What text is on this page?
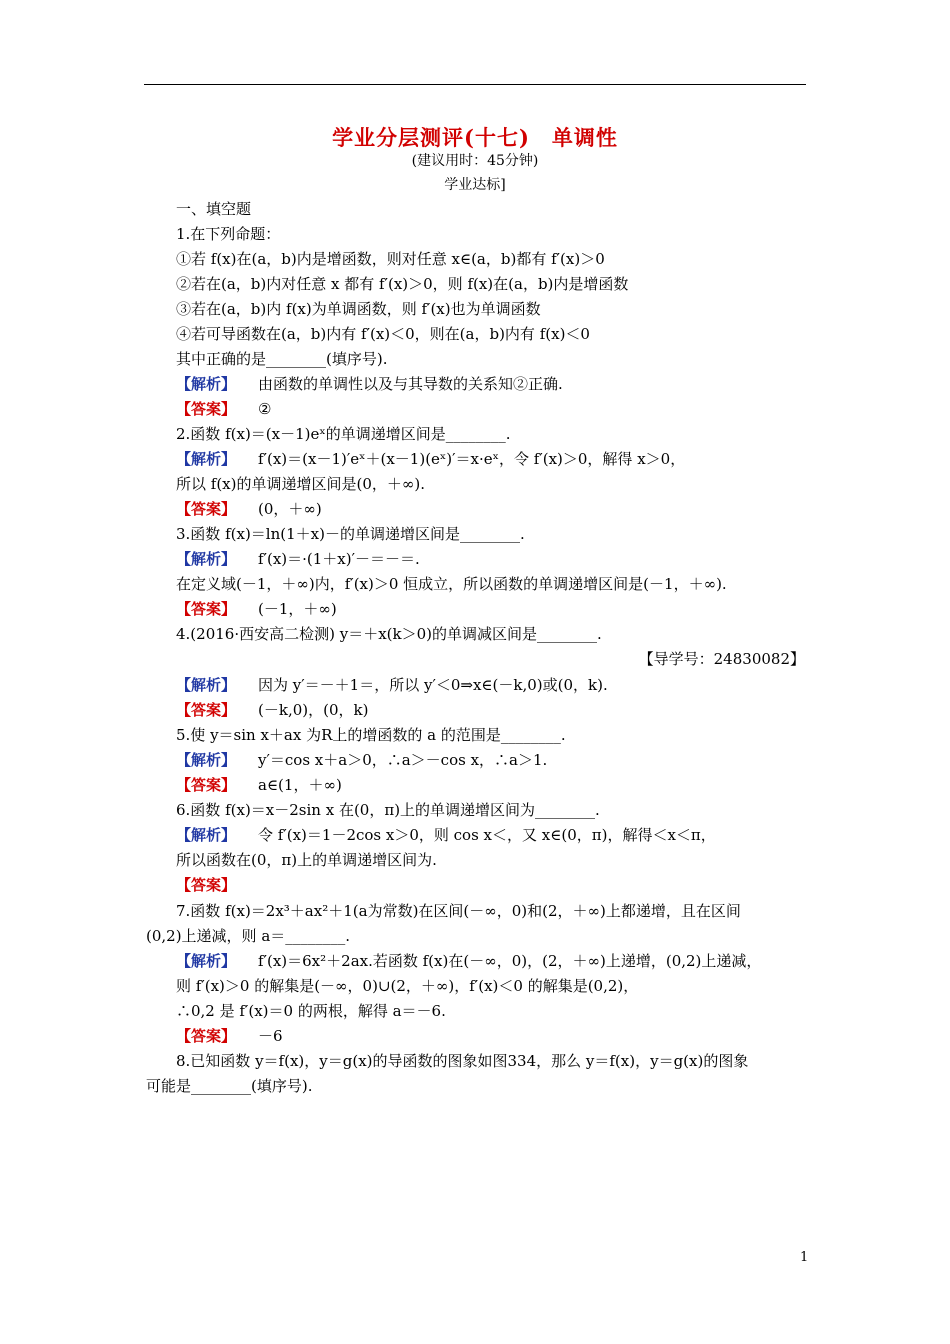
学业分层测评(十七)　单调性
(建议用时：45分钟)
学业达标]
一、填空题
1.在下列命题：
①若 f(x)在(a，b)内是增函数，则对任意 x∈(a，b)都有 f′(x)＞0
②若在(a，b)内对任意 x 都有 f′(x)＞0，则 f(x)在(a，b)内是增函数
③若在(a，b)内 f(x)为单调函数，则 f′(x)也为单调函数
④若可导函数在(a，b)内有 f′(x)＜0，则在(a，b)内有 f(x)＜0
其中正确的是________(填序号).
【解析】 由函数的单调性以及与其导数的关系知②正确.
【答案】 ②
2.函数 f(x)＝(x－1)eˣ的单调递增区间是________.
【解析】 f′(x)＝(x－1)′eˣ＋(x－1)(eˣ)′＝x·eˣ，令 f′(x)＞0，解得 x＞0，
所以 f(x)的单调递增区间是(0，＋∞).
【答案】 (0，＋∞)
3.函数 f(x)＝ln(1＋x)－的单调递增区间是________.
【解析】 f′(x)＝·(1＋x)′－＝－＝.
在定义域(－1，＋∞)内，f′(x)＞0 恒成立，所以函数的单调递增区间是(－1，＋∞).
【答案】 (－1，＋∞)
4.(2016·西安高二检测) y＝＋x(k＞0)的单调减区间是________.
【导学号：24830082】
【解析】 因为 y′＝－＋1＝，所以 y′＜0⇒x∈(－k,0)或(0，k).
【答案】 (－k,0)，(0，k)
5.使 y＝sin x＋ax 为R上的增函数的 a 的范围是________.
【解析】 y′＝cos x＋a＞0，∴a＞－cos x，∴a＞1.
【答案】 a∈(1，＋∞)
6.函数 f(x)＝x－2sin x 在(0，π)上的单调递增区间为________.
【解析】 令 f′(x)＝1－2cos x＞0，则 cos x＜，又 x∈(0，π)，解得＜x＜π，
所以函数在(0，π)上的单调递增区间为.
【答案】
7.函数 f(x)＝2x³＋ax²＋1(a为常数)在区间(－∞，0)和(2，＋∞)上都递增，且在区间
(0,2)上递减，则 a＝________.
【解析】 f′(x)＝6x²＋2ax.若函数 f(x)在(－∞，0)，(2，＋∞)上递增，(0,2)上递减，
则 f′(x)＞0 的解集是(－∞，0)∪(2，＋∞)，f′(x)＜0 的解集是(0,2)，
∴0,2 是 f′(x)＝0 的两根，解得 a＝－6.
【答案】 －6
8.已知函数 y＝f(x)，y＝g(x)的导函数的图象如图334，那么 y＝f(x)，y＝g(x)的图象
可能是________(填序号).
1
